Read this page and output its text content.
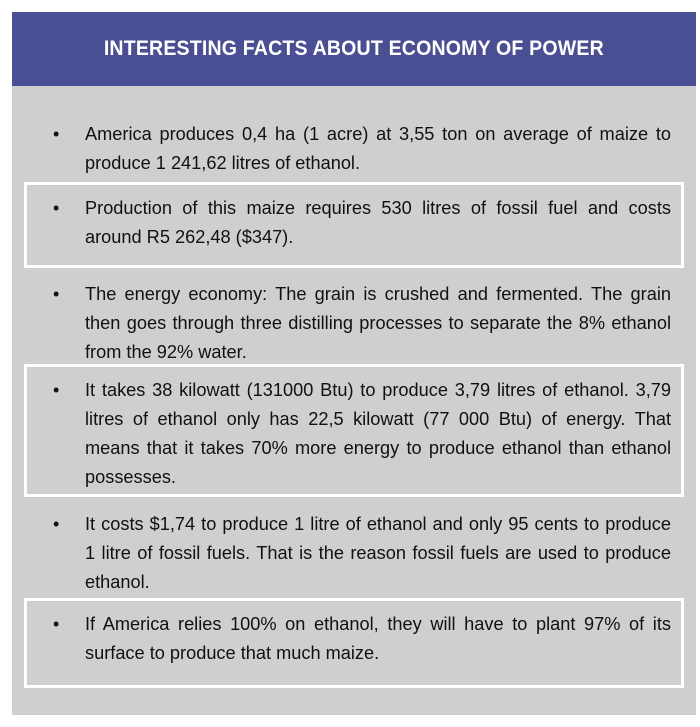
INTERESTING FACTS ABOUT ECONOMY OF POWER
•	America produces 0,4 ha (1 acre) at 3,55 ton on average of maize to produce 1 241,62 litres of ethanol.
•	Production of this maize requires 530 litres of fossil fuel and costs around R5 262,48 ($347).
•	The energy economy: The grain is crushed and fermented. The grain then goes through three distilling processes to separate the 8% ethanol from the 92% water.
•	It takes 38 kilowatt (131000 Btu) to produce 3,79 litres of ethanol. 3,79 litres of ethanol only has 22,5 kilowatt (77 000 Btu) of energy. That means that it takes 70% more energy to produce ethanol than ethanol possesses.
•	It costs $1,74 to produce 1 litre of ethanol and only 95 cents to produce 1 litre of fossil fuels. That is the reason fossil fuels are used to produce ethanol.
•	If America relies 100% on ethanol, they will have to plant 97% of its surface to produce that much maize.
